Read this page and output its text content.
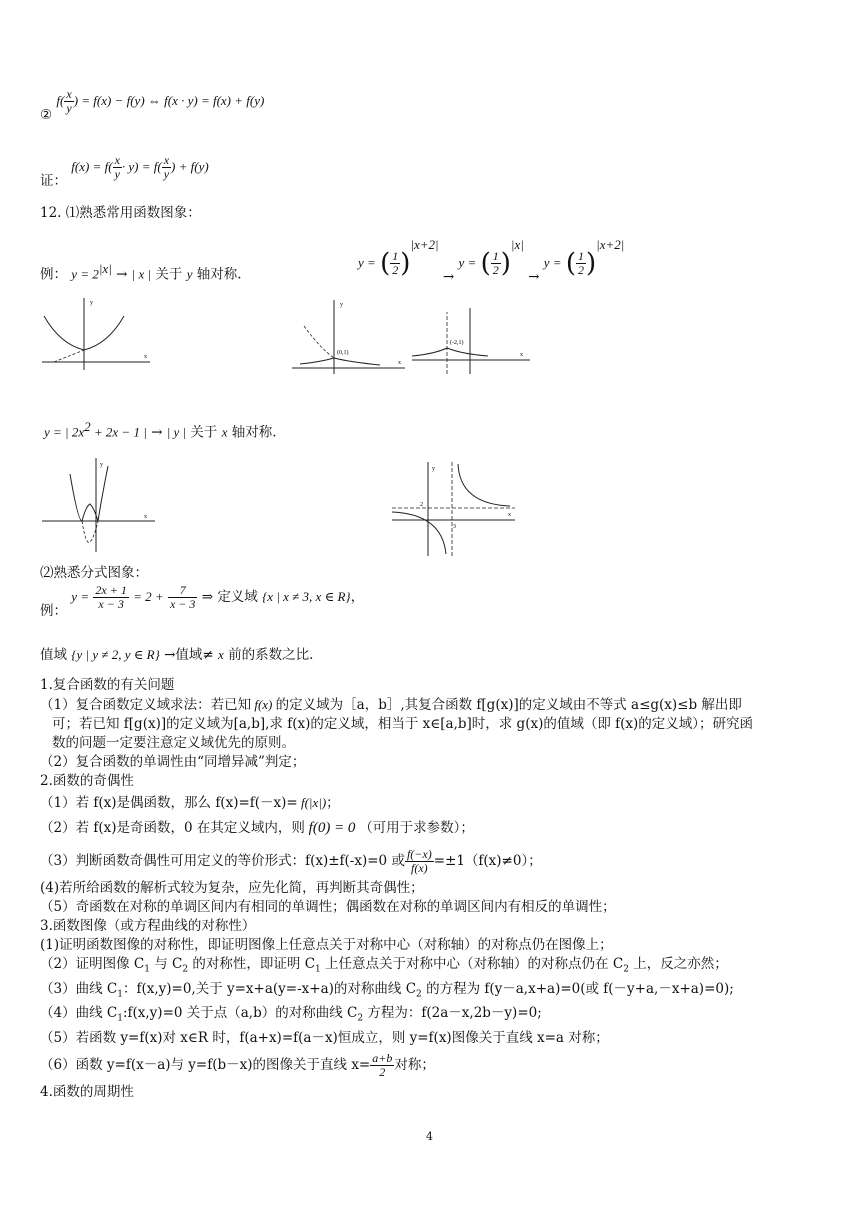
② $f( \frac{x}{y}$ ) = f(x) − f(y) ⇔ f(x · y) = f(x) + f(y)
证： $f(x) = f( \frac{x}{y} \cdot y) = f( \frac{x}{y}$ ) + f(y)
12. ⑴熟悉常用函数图象：
例： $y = 2^{|x|}$ → | x | 关于 y 轴对称.
y = ( $\frac{1}{2} )^{|x+2|} \to y$ = ( $\frac{1}{2} )^{|x|} \to y$ = ( $\frac{1}{2} )^{|x+2|}$
y
x
y
x
(0,1)	x
(-2,1)
y = | $2x^2 + 2x - 1$ | → | y | 关于 x 轴对称.
y
x
y
x
2
3
⑵熟悉分式图象：
例： $y = \frac{2x + 1}{x - 3} = 2 + \frac{7}{x - 3}$ ⇒ 定义域 {x | x ≠ 3, x ∈ R}，
值域 {y | y ≠ 2, y ∈ R} →值域≠ x 前的系数之比.
1.复合函数的有关问题
（1）复合函数定义域求法：若已知 f(x) 的定义域为［a，b］,其复合函数 f[g(x)]的定义域由不等式 a≤g(x)≤b 解出即
可；若已知 f[g(x)]的定义域为[a,b],求 f(x)的定义域，相当于 x∈[a,b]时，求 g(x)的值域（即 f(x)的定义域）；研究函
数的问题一定要注意定义域优先的原则。
（2）复合函数的单调性由“同增异减”判定；
2.函数的奇偶性
（1）若 f(x)是偶函数，那么 f(x)=f(－x)= f(|x|)；
（2）若 f(x)是奇函数，0 在其定义域内，则 f(0) = 0 （可用于求参数）；
（3）判断函数奇偶性可用定义的等价形式：f(x)±f(-x)=0 或 $\frac{f(-x)}{f(x)} =\pm 1(f(x)\ne 0)$；
(4)若所给函数的解析式较为复杂，应先化简，再判断其奇偶性；
（5）奇函数在对称的单调区间内有相同的单调性；偶函数在对称的单调区间内有相反的单调性；
3.函数图像（或方程曲线的对称性）
(1)证明函数图像的对称性，即证明图像上任意点关于对称中心（对称轴）的对称点仍在图像上；
（2）证明图像 $C_1$ 与 $C_2$ 的对称性，即证明 $C_1$ 上任意点关于对称中心（对称轴）的对称点仍在 $C_2$ 上，反之亦然；
（3）曲线 $C_1$：f(x,y)=0,关于 y=x+a(y=-x+a)的对称曲线 $C_2$ 的方程为 f(y－a,x+a)=0(或 f(－y+a,－x+a)=0);
（4）曲线 $C_1:f(x,y)=0$ 关于点（a,b）的对称曲线 $C_2$ 方程为：f(2a－x,2b－y)=0;
（5）若函数 y=f(x)对 x∈R 时，f(a+x)=f(a－x)恒成立，则 y=f(x)图像关于直线 x=a 对称；
（6）函数 y=f(x－a)与 y=f(b－x)的图像关于直线 $x= \frac{a+b}{2}$ 对称；
4.函数的周期性
4
